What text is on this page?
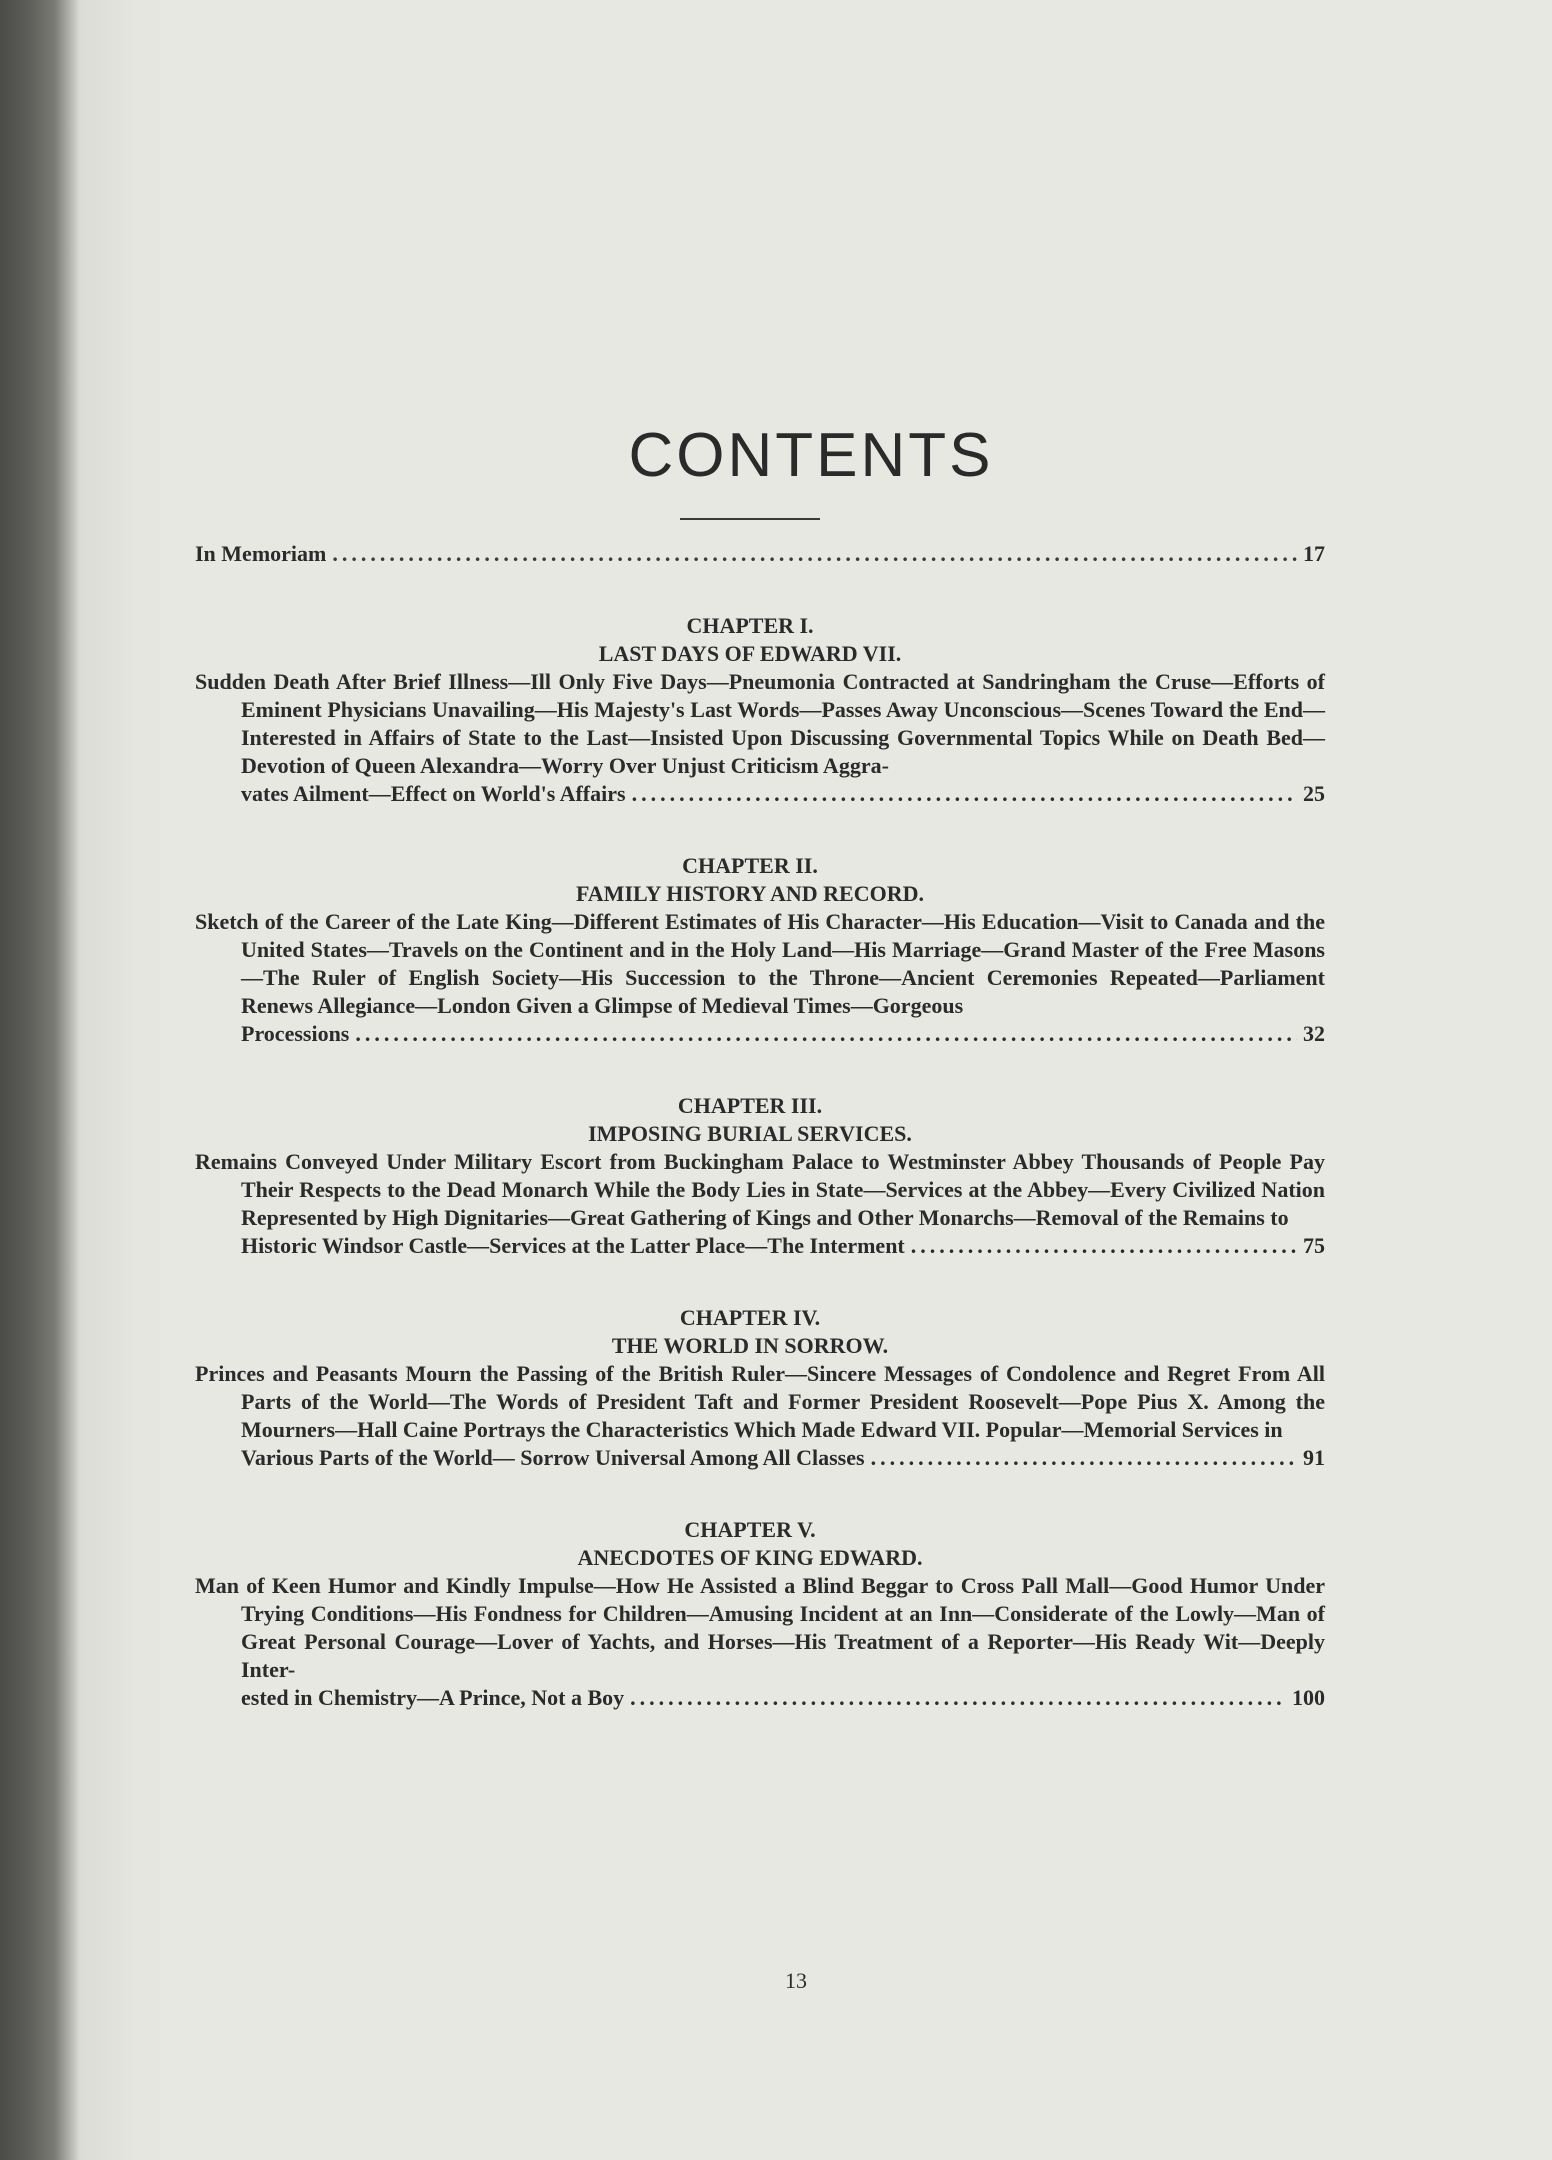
CONTENTS
In Memoriam .....	17
CHAPTER I.
LAST DAYS OF EDWARD VII.
Sudden Death After Brief Illness—Ill Only Five Days—Pneumonia Contracted at Sandringham the Cruse—Efforts of Eminent Physicians Unavailing—His Majesty's Last Words—Passes Away Unconscious—Scenes Toward the End—Interested in Affairs of State to the Last—Insisted Upon Discussing Governmental Topics While on Death Bed—Devotion of Queen Alexandra—Worry Over Unjust Criticism Aggra-
vates Ailment—Effect on World's Affairs .....	25
CHAPTER II.
FAMILY HISTORY AND RECORD.
Sketch of the Career of the Late King—Different Estimates of His Character—His Education—Visit to Canada and the United States—Travels on the Continent and in the Holy Land—His Marriage—Grand Master of the Free Masons—The Ruler of English Society—His Succession to the Throne—Ancient Ceremonies Repeated—Parliament Renews Allegiance—London Given a Glimpse of Medieval Times—Gorgeous
Processions .....	32
CHAPTER III.
IMPOSING BURIAL SERVICES.
Remains Conveyed Under Military Escort from Buckingham Palace to Westminster Abbey Thousands of People Pay Their Respects to the Dead Monarch While the Body Lies in State—Services at the Abbey—Every Civilized Nation Represented by High Dignitaries—Great Gathering of Kings and Other Monarchs—Removal of the Remains to
Historic Windsor Castle—Services at the Latter Place—The Interment .....	75
CHAPTER IV.
THE WORLD IN SORROW.
Princes and Peasants Mourn the Passing of the British Ruler—Sincere Messages of Condolence and Regret From All Parts of the World—The Words of President Taft and Former President Roosevelt—Pope Pius X. Among the Mourners—Hall Caine Portrays the Characteristics Which Made Edward VII. Popular—Memorial Services in
Various Parts of the World— Sorrow Universal Among All Classes .....	91
CHAPTER V.
ANECDOTES OF KING EDWARD.
Man of Keen Humor and Kindly Impulse—How He Assisted a Blind Beggar to Cross Pall Mall—Good Humor Under Trying Conditions—His Fondness for Children—Amusing Incident at an Inn—Considerate of the Lowly—Man of Great Personal Courage—Lover of Yachts, and Horses—His Treatment of a Reporter—His Ready Wit—Deeply Inter-
ested in Chemistry—A Prince, Not a Boy .....	100
13
